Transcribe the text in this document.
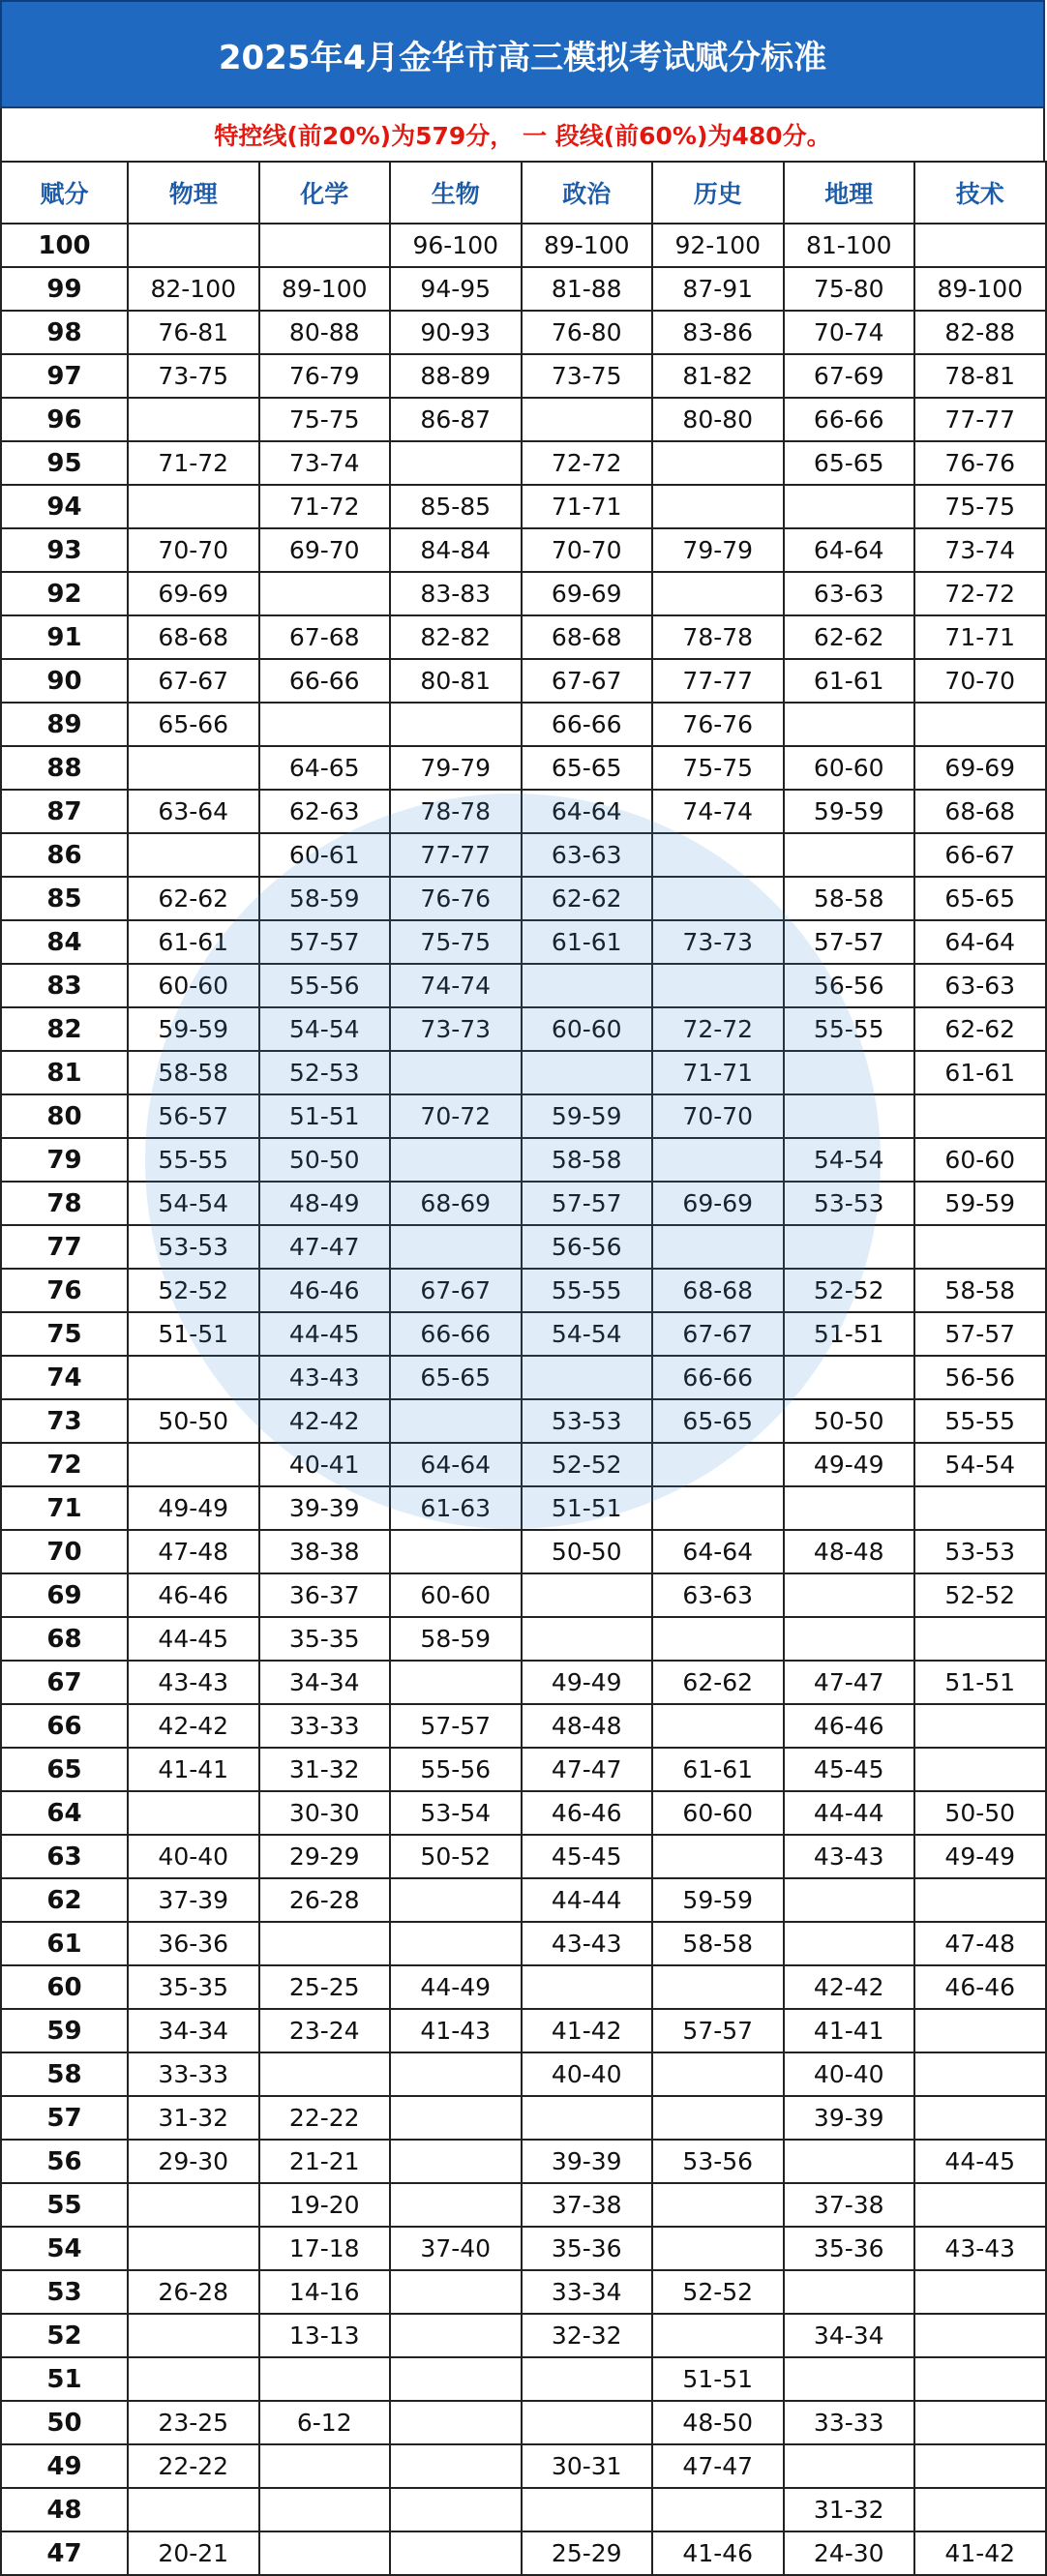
2025年4月金华市高三模拟考试赋分标准
特控线(前20%)为579分， 一 段线(前60%)为480分。
赋分	物理	化学	生物	政治	历史	地理	技术
100			96-100	89-100	92-100	81-100	
99	82-100	89-100	94-95	81-88	87-91	75-80	89-100
98	76-81	80-88	90-93	76-80	83-86	70-74	82-88
97	73-75	76-79	88-89	73-75	81-82	67-69	78-81
96		75-75	86-87		80-80	66-66	77-77
95	71-72	73-74		72-72		65-65	76-76
94		71-72	85-85	71-71			75-75
93	70-70	69-70	84-84	70-70	79-79	64-64	73-74
92	69-69		83-83	69-69		63-63	72-72
91	68-68	67-68	82-82	68-68	78-78	62-62	71-71
90	67-67	66-66	80-81	67-67	77-77	61-61	70-70
89	65-66			66-66	76-76		
88		64-65	79-79	65-65	75-75	60-60	69-69
87	63-64	62-63	78-78	64-64	74-74	59-59	68-68
86		60-61	77-77	63-63			66-67
85	62-62	58-59	76-76	62-62		58-58	65-65
84	61-61	57-57	75-75	61-61	73-73	57-57	64-64
83	60-60	55-56	74-74			56-56	63-63
82	59-59	54-54	73-73	60-60	72-72	55-55	62-62
81	58-58	52-53			71-71		61-61
80	56-57	51-51	70-72	59-59	70-70		
79	55-55	50-50		58-58		54-54	60-60
78	54-54	48-49	68-69	57-57	69-69	53-53	59-59
77	53-53	47-47		56-56			
76	52-52	46-46	67-67	55-55	68-68	52-52	58-58
75	51-51	44-45	66-66	54-54	67-67	51-51	57-57
74		43-43	65-65		66-66		56-56
73	50-50	42-42		53-53	65-65	50-50	55-55
72		40-41	64-64	52-52		49-49	54-54
71	49-49	39-39	61-63	51-51			
70	47-48	38-38		50-50	64-64	48-48	53-53
69	46-46	36-37	60-60		63-63		52-52
68	44-45	35-35	58-59				
67	43-43	34-34		49-49	62-62	47-47	51-51
66	42-42	33-33	57-57	48-48		46-46	
65	41-41	31-32	55-56	47-47	61-61	45-45	
64		30-30	53-54	46-46	60-60	44-44	50-50
63	40-40	29-29	50-52	45-45		43-43	49-49
62	37-39	26-28		44-44	59-59		
61	36-36			43-43	58-58		47-48
60	35-35	25-25	44-49			42-42	46-46
59	34-34	23-24	41-43	41-42	57-57	41-41	
58	33-33			40-40		40-40	
57	31-32	22-22				39-39	
56	29-30	21-21		39-39	53-56		44-45
55		19-20		37-38		37-38	
54		17-18	37-40	35-36		35-36	43-43
53	26-28	14-16		33-34	52-52		
52		13-13		32-32		34-34	
51					51-51		
50	23-25	6-12			48-50	33-33	
49	22-22			30-31	47-47		
48						31-32	
47	20-21			25-29	41-46	24-30	41-42
